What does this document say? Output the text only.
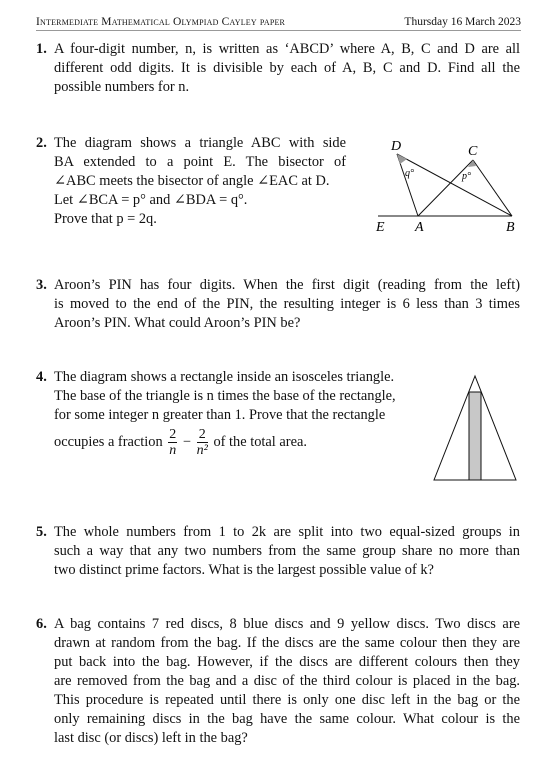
Intermediate Mathematical Olympiad Cayley paper	Thursday 16 March 2023
1. A four-digit number, n, is written as ‘ABCD’ where A, B, C and D are all
different odd digits. It is divisible by each of A, B, C and D. Find all the
possible numbers for n.
2. The diagram shows a triangle ABC with side
BA extended to a point E. The bisector of
∠ABC meets the bisector of angle ∠EAC at D.
Let ∠BCA = p° and ∠BDA = q°.
Prove that p = 2q.
D	C
E A	B
q°	p°
3. Aroon’s PIN has four digits. When the first digit (reading from the left)
is moved to the end of the PIN, the resulting integer is 6 less than 3 times
Aroon’s PIN. What could Aroon’s PIN be?
4. The diagram shows a rectangle inside an isosceles triangle.
The base of the triangle is n times the base of the rectangle,
for some integer n greater than 1. Prove that the rectangle
occupies a fraction $\frac{2}{n} - \frac{2}{\text{n²}}$ of the total area.
5. The whole numbers from 1 to 2k are split into two equal-sized groups in
such a way that any two numbers from the same group share no more than
two distinct prime factors. What is the largest possible value of k?
6. A bag contains 7 red discs, 8 blue discs and 9 yellow discs. Two discs are
drawn at random from the bag. If the discs are the same colour then they are
put back into the bag. However, if the discs are different colours then they
are removed from the bag and a disc of the third colour is placed in the bag.
This procedure is repeated until there is only one disc left in the bag or the
only remaining discs in the bag have the same colour. What colour is the
last disc (or discs) left in the bag?
